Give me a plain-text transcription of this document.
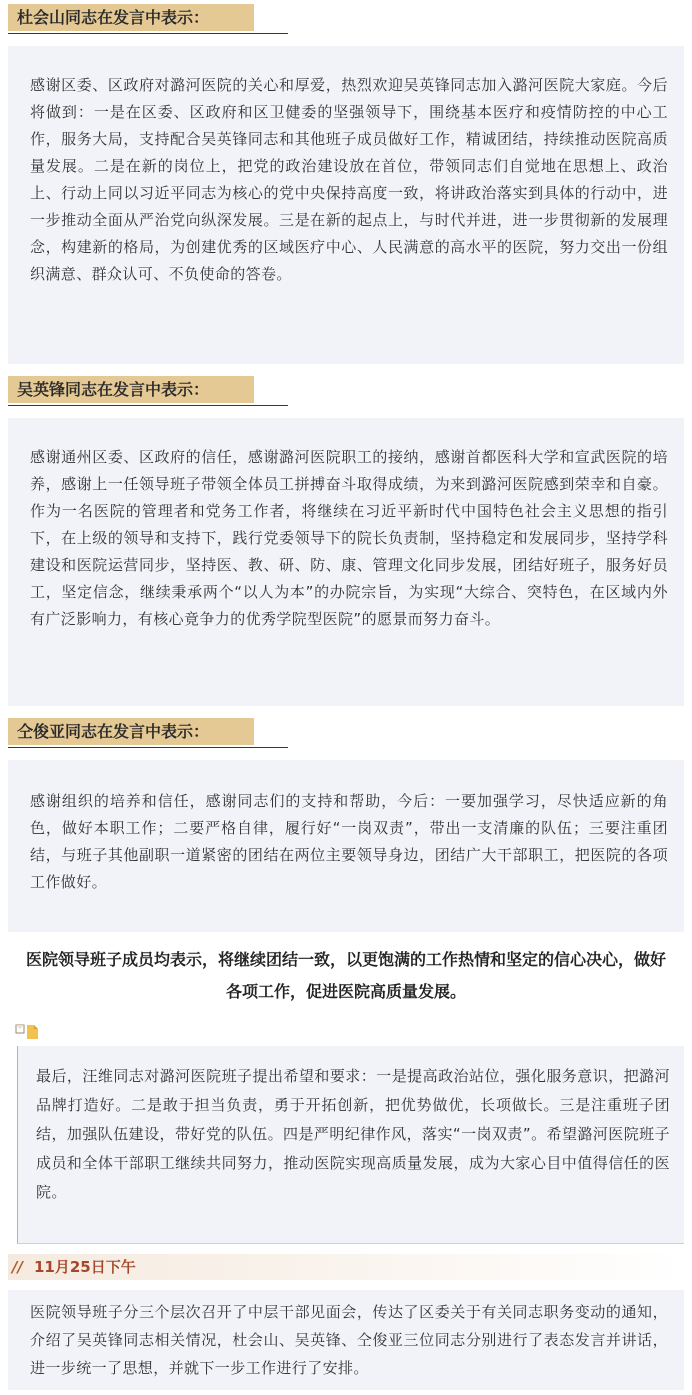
杜会山同志在发言中表示：

感谢区委、区政府对潞河医院的关心和厚爱，热烈欢迎吴英锋同志加入潞河医院大家庭。今后将做到：一是在区委、区政府和区卫健委的坚强领导下，围绕基本医疗和疫情防控的中心工作，服务大局，支持配合吴英锋同志和其他班子成员做好工作，精诚团结，持续推动医院高质量发展。二是在新的岗位上，把党的政治建设放在首位，带领同志们自觉地在思想上、政治上、行动上同以习近平同志为核心的党中央保持高度一致，将讲政治落实到具体的行动中，进一步推动全面从严治党向纵深发展。三是在新的起点上，与时代并进，进一步贯彻新的发展理念，构建新的格局，为创建优秀的区域医疗中心、人民满意的高水平的医院，努力交出一份组织满意、群众认可、不负使命的答卷。

吴英锋同志在发言中表示：

感谢通州区委、区政府的信任，感谢潞河医院职工的接纳，感谢首都医科大学和宣武医院的培养，感谢上一任领导班子带领全体员工拼搏奋斗取得成绩，为来到潞河医院感到荣幸和自豪。作为一名医院的管理者和党务工作者，将继续在习近平新时代中国特色社会主义思想的指引下，在上级的领导和支持下，践行党委领导下的院长负责制，坚持稳定和发展同步，坚持学科建设和医院运营同步，坚持医、教、研、防、康、管理文化同步发展，团结好班子，服务好员工，坚定信念，继续秉承两个“以人为本”的办院宗旨，为实现“大综合、突特色，在区域内外有广泛影响力，有核心竟争力的优秀学院型医院”的愿景而努力奋斗。

仝俊亚同志在发言中表示：

感谢组织的培养和信任，感谢同志们的支持和帮助，今后：一要加强学习，尽快适应新的角色，做好本职工作；二要严格自律，履行好“一岗双责”，带出一支清廉的队伍；三要注重团结，与班子其他副职一道紧密的团结在两位主要领导身边，团结广大干部职工，把医院的各项工作做好。

医院领导班子成员均表示，将继续团结一致，以更饱满的工作热情和坚定的信心决心，做好

各项工作，促进医院高质量发展。

最后，汪维同志对潞河医院班子提出希望和要求：一是提高政治站位，强化服务意识，把潞河品牌打造好。二是敢于担当负责，勇于开拓创新，把优势做优，长项做长。三是注重班子团结，加强队伍建设，带好党的队伍。四是严明纪律作风，落实“一岗双责”。希望潞河医院班子成员和全体干部职工继续共同努力，推动医院实现高质量发展，成为大家心目中值得信任的医院。

// 11月25日下午

医院领导班子分三个层次召开了中层干部见面会，传达了区委关于有关同志职务变动的通知，介绍了吴英锋同志相关情况，杜会山、吴英锋、仝俊亚三位同志分别进行了表态发言并讲话，进一步统一了思想，并就下一步工作进行了安排。
